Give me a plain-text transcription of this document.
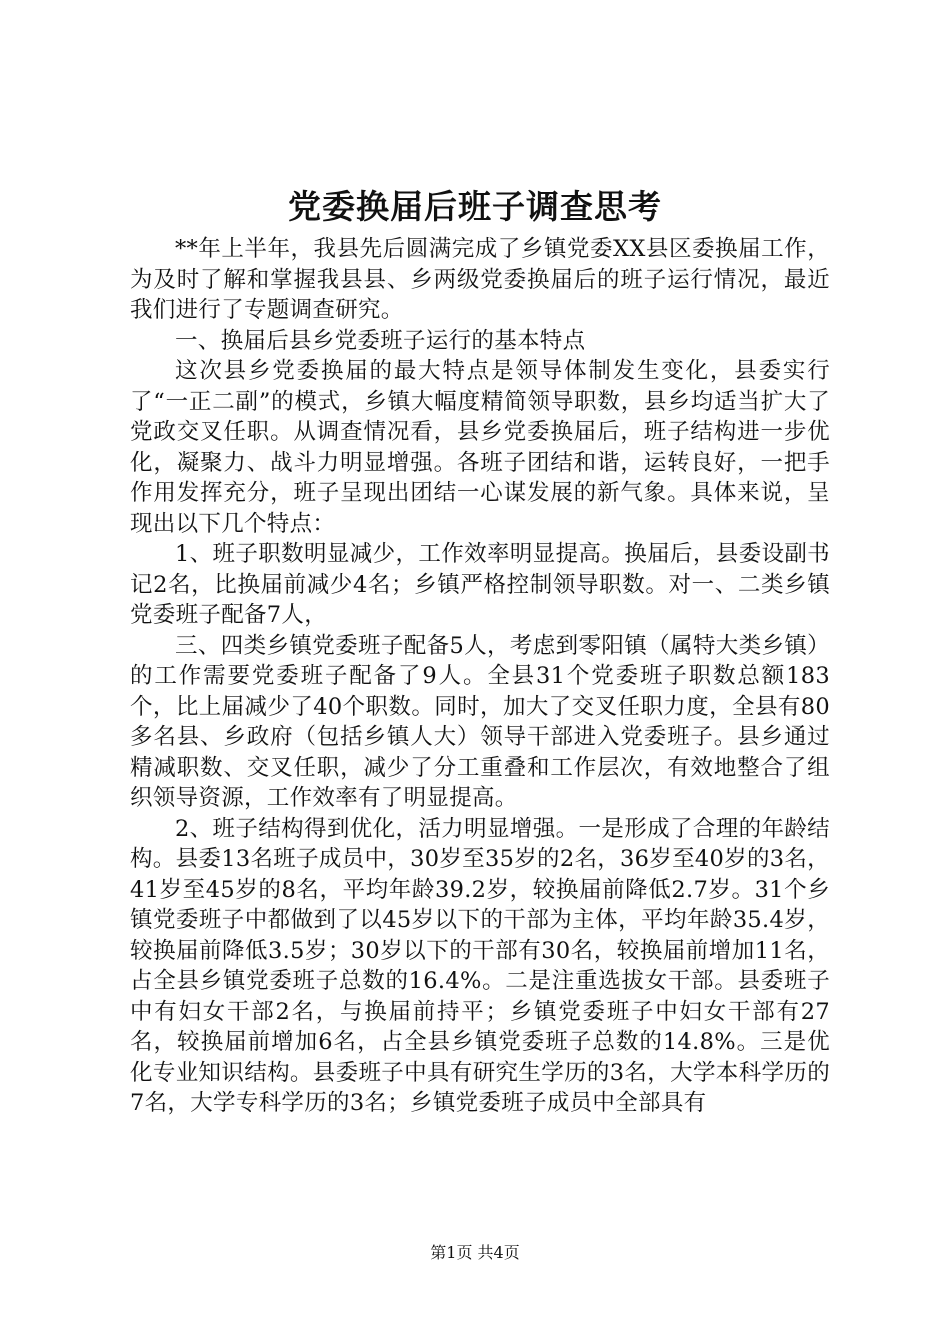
党委换届后班子调查思考

**年上半年，我县先后圆满完成了乡镇党委XX县区委换届工作，为及时了解和掌握我县县、乡两级党委换届后的班子运行情况，最近我们进行了专题调查研究。

一、换届后县乡党委班子运行的基本特点

这次县乡党委换届的最大特点是领导体制发生变化，县委实行了“一正二副”的模式，乡镇大幅度精简领导职数，县乡均适当扩大了党政交叉任职。从调查情况看，县乡党委换届后，班子结构进一步优化，凝聚力、战斗力明显增强。各班子团结和谐，运转良好，一把手作用发挥充分，班子呈现出团结一心谋发展的新气象。具体来说，呈现出以下几个特点：

1、班子职数明显减少，工作效率明显提高。换届后，县委设副书记2名，比换届前减少4名；乡镇严格控制领导职数。对一、二类乡镇党委班子配备7人，

三、四类乡镇党委班子配备5人，考虑到零阳镇（属特大类乡镇）的工作需要党委班子配备了9人。全县31个党委班子职数总额183个，比上届减少了40个职数。同时，加大了交叉任职力度，全县有80多名县、乡政府（包括乡镇人大）领导干部进入党委班子。县乡通过精减职数、交叉任职，减少了分工重叠和工作层次，有效地整合了组织领导资源，工作效率有了明显提高。

2、班子结构得到优化，活力明显增强。一是形成了合理的年龄结构。县委13名班子成员中，30岁至35岁的2名，36岁至40岁的3名，41岁至45岁的8名，平均年龄39.2岁，较换届前降低2.7岁。31个乡镇党委班子中都做到了以45岁以下的干部为主体，平均年龄35.4岁，较换届前降低3.5岁；30岁以下的干部有30名，较换届前增加11名，占全县乡镇党委班子总数的16.4%。二是注重选拔女干部。县委班子中有妇女干部2名，与换届前持平；乡镇党委班子中妇女干部有27名，较换届前增加6名，占全县乡镇党委班子总数的14.8%。三是优化专业知识结构。县委班子中具有研究生学历的3名，大学本科学历的7名，大学专科学历的3名；乡镇党委班子成员中全部具有

第1页 共4页
